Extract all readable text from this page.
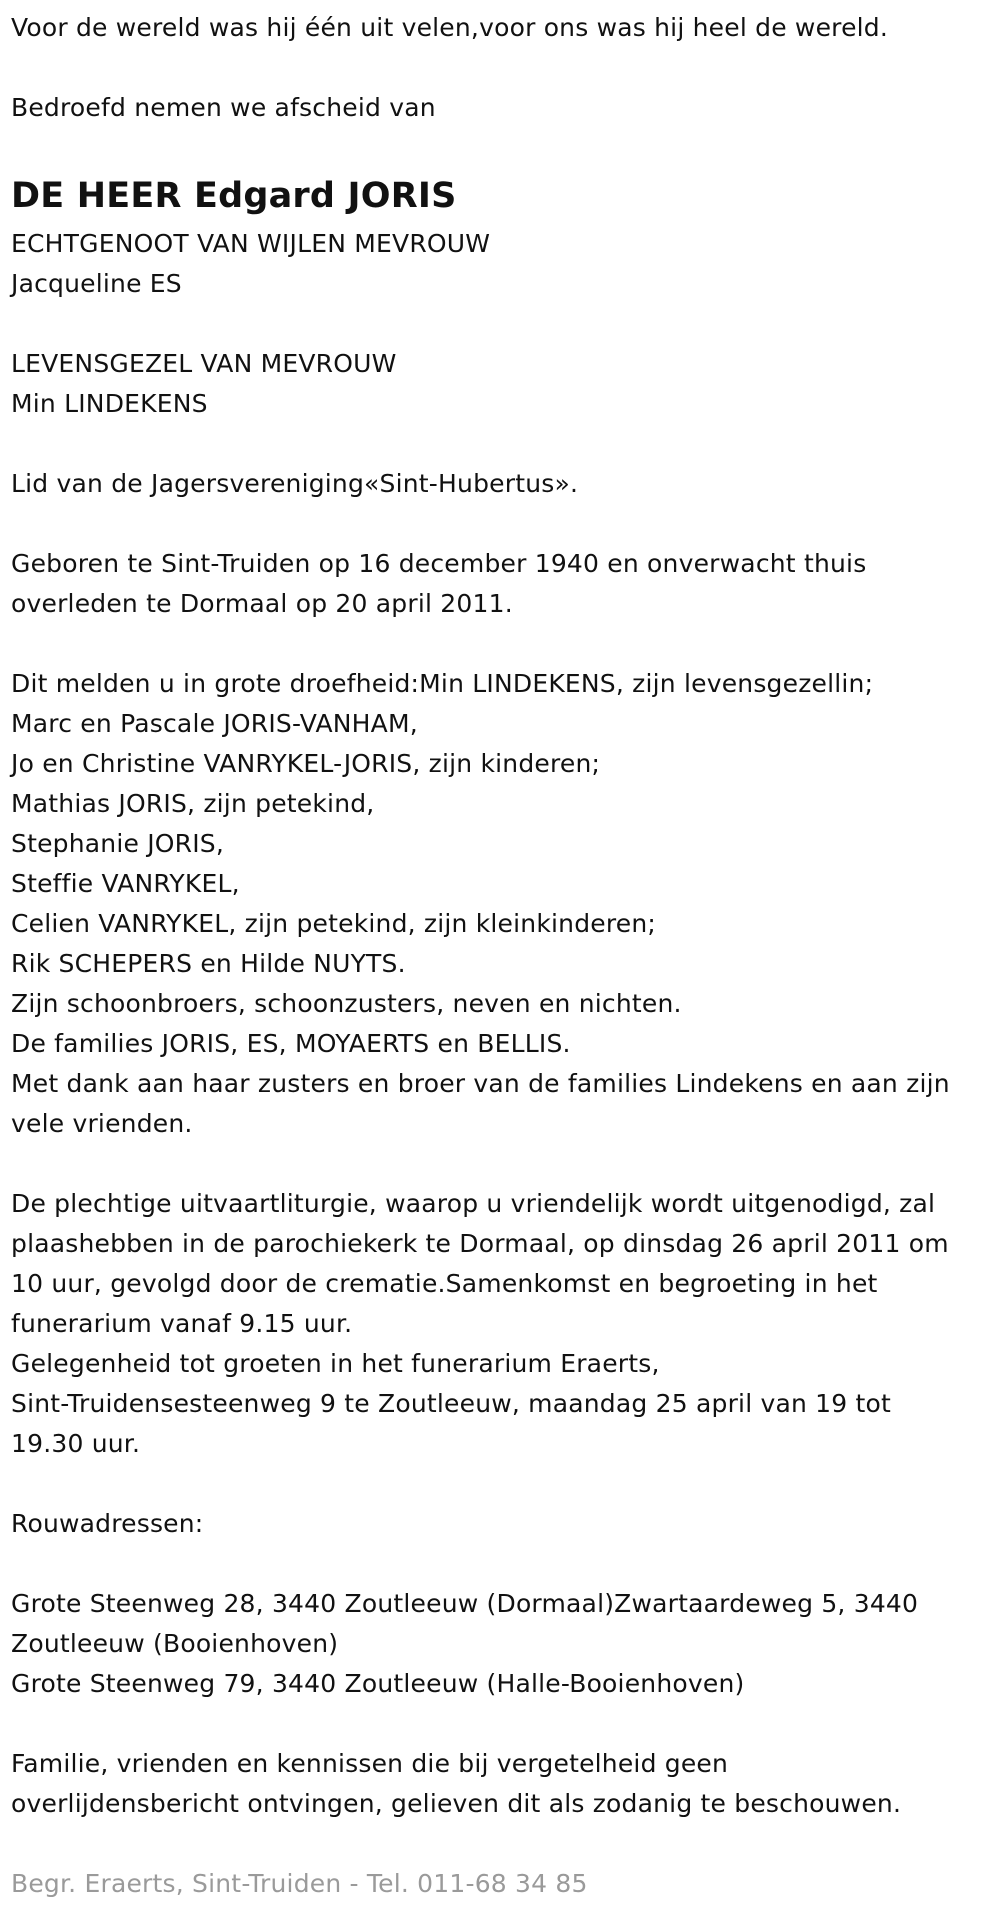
Voor de wereld was hij één uit velen,voor ons was hij heel de wereld.
Bedroefd nemen we afscheid van
DE HEER Edgard JORIS
ECHTGENOOT VAN WIJLEN MEVROUW
Jacqueline ES
LEVENSGEZEL VAN MEVROUW
Min LINDEKENS
Lid van de Jagersvereniging«Sint-Hubertus».
Geboren te Sint-Truiden op 16 december 1940 en onverwacht thuis
overleden te Dormaal op 20 april 2011.
Dit melden u in grote droefheid:Min LINDEKENS, zijn levensgezellin;
Marc en Pascale JORIS-VANHAM,
Jo en Christine VANRYKEL-JORIS, zijn kinderen;
Mathias JORIS, zijn petekind,
Stephanie JORIS,
Steffie VANRYKEL,
Celien VANRYKEL, zijn petekind, zijn kleinkinderen;
Rik SCHEPERS en Hilde NUYTS.
Zijn schoonbroers, schoonzusters, neven en nichten.
De families JORIS, ES, MOYAERTS en BELLIS.
Met dank aan haar zusters en broer van de families Lindekens en aan zijn
vele vrienden.
De plechtige uitvaartliturgie, waarop u vriendelijk wordt uitgenodigd, zal
plaashebben in de parochiekerk te Dormaal, op dinsdag 26 april 2011 om
10 uur, gevolgd door de crematie.Samenkomst en begroeting in het
funerarium vanaf 9.15 uur.
Gelegenheid tot groeten in het funerarium Eraerts,
Sint-Truidensesteenweg 9 te Zoutleeuw, maandag 25 april van 19 tot
19.30 uur.
Rouwadressen:
Grote Steenweg 28, 3440 Zoutleeuw (Dormaal)Zwartaardeweg 5, 3440
Zoutleeuw (Booienhoven)
Grote Steenweg 79, 3440 Zoutleeuw (Halle-Booienhoven)
Familie, vrienden en kennissen die bij vergetelheid geen
overlijdensbericht ontvingen, gelieven dit als zodanig te beschouwen.
Begr. Eraerts, Sint-Truiden - Tel. 011-68 34 85
